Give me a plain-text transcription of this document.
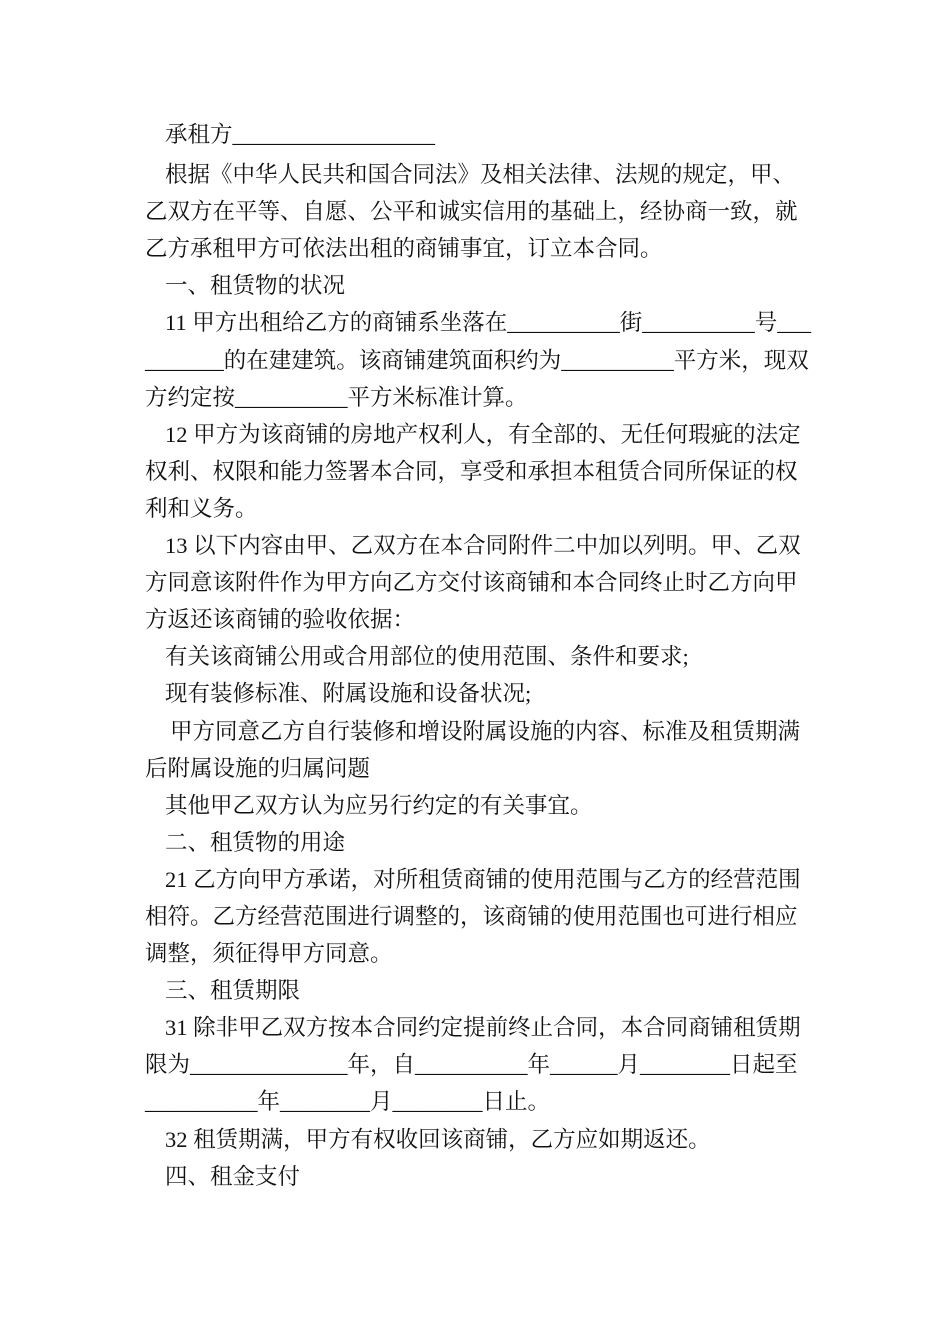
承租方__________________
根据《中华人民共和国合同法》及相关法律、法规的规定，甲、
乙双方在平等、自愿、公平和诚实信用的基础上，经协商一致，就
乙方承租甲方可依法出租的商铺事宜，订立本合同。
一、租赁物的状况
11 甲方出租给乙方的商铺系坐落在__________街__________号___
_______的在建建筑。该商铺建筑面积约为__________平方米，现双
方约定按__________平方米标准计算。
12 甲方为该商铺的房地产权利人，有全部的、无任何瑕疵的法定
权利、权限和能力签署本合同，享受和承担本租赁合同所保证的权
利和义务。
13 以下内容由甲、乙双方在本合同附件二中加以列明。甲、乙双
方同意该附件作为甲方向乙方交付该商铺和本合同终止时乙方向甲
方返还该商铺的验收依据：
有关该商铺公用或合用部位的使用范围、条件和要求;
现有装修标准、附属设施和设备状况;
甲方同意乙方自行装修和增设附属设施的内容、标准及租赁期满
后附属设施的归属问题
其他甲乙双方认为应另行约定的有关事宜。
二、租赁物的用途
21 乙方向甲方承诺，对所租赁商铺的使用范围与乙方的经营范围
相符。乙方经营范围进行调整的，该商铺的使用范围也可进行相应
调整，须征得甲方同意。
三、租赁期限
31 除非甲乙双方按本合同约定提前终止合同，本合同商铺租赁期
限为______________年，自__________年______月________日起至
__________年________月________日止。
32 租赁期满，甲方有权收回该商铺，乙方应如期返还。
四、租金支付
